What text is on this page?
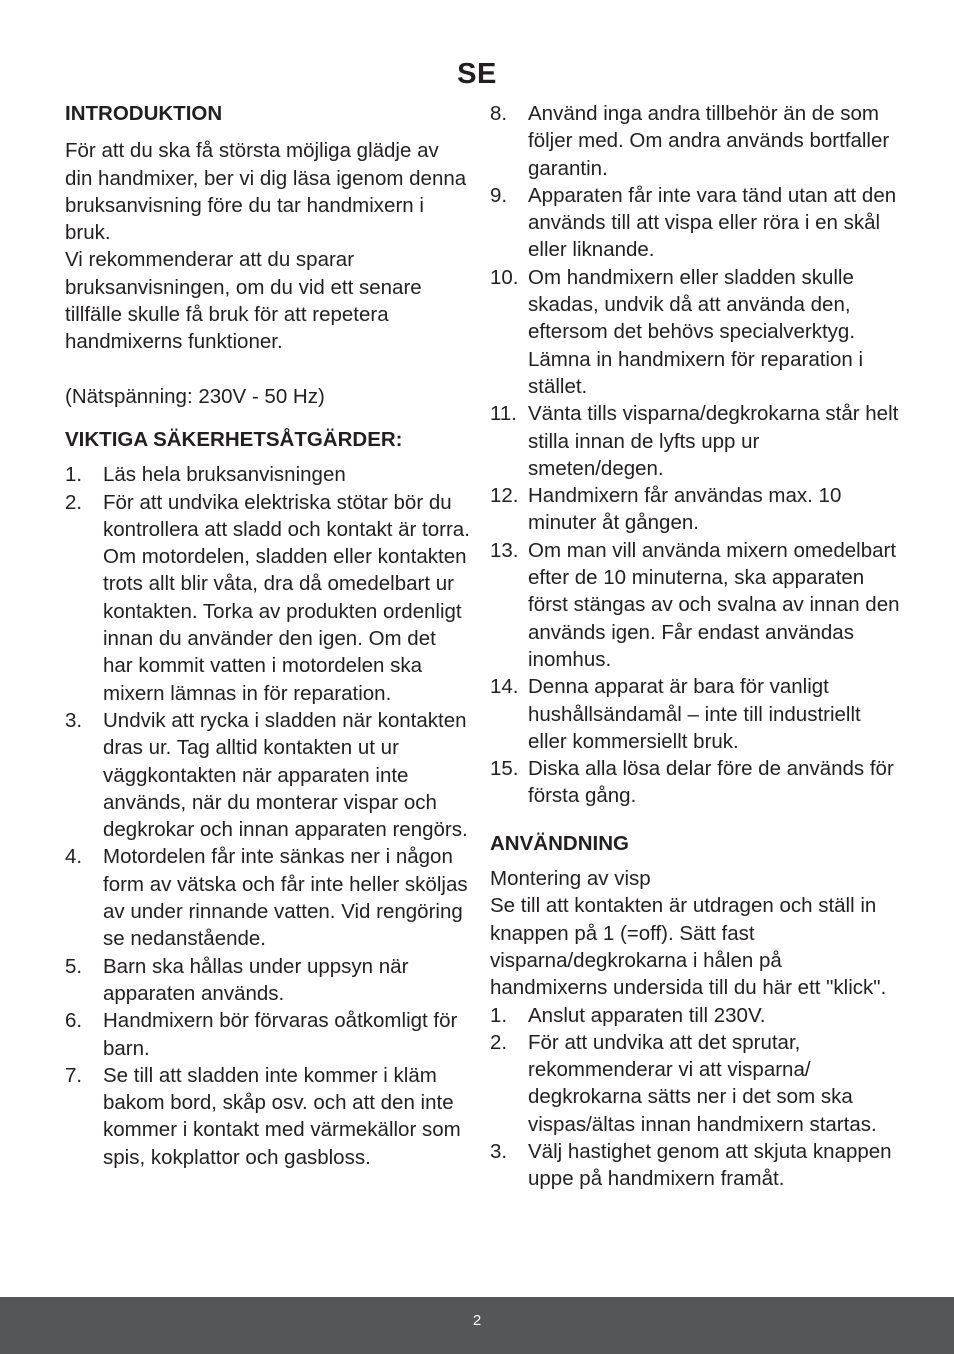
SE

INTRODUKTION

För att du ska få största möjliga glädje av din handmixer, ber vi dig läsa igenom denna bruksanvisning före du tar handmixern i bruk.

Vi rekommenderar att du sparar bruksanvisningen, om du vid ett senare tillfälle skulle få bruk för att repetera handmixerns funktioner.

(Nätspänning: 230V - 50 Hz)

VIKTIGA SÄKERHETSÅTGÄRDER:

1.	Läs hela bruksanvisningen
2.	För att undvika elektriska stötar bör du kontrollera att sladd och kontakt är torra. Om motordelen, sladden eller kontakten trots allt blir våta, dra då omedelbart ur kontakten. Torka av produkten ordenligt innan du använder den igen. Om det har kommit vatten i motordelen ska mixern lämnas in för reparation.
3.	Undvik att rycka i sladden när kontakten dras ur. Tag alltid kontakten ut ur väggkontakten när apparaten inte används, när du monterar vispar och degkrokar och innan apparaten rengörs.
4.	Motordelen får inte sänkas ner i någon form av vätska och får inte heller sköljas av under rinnande vatten. Vid rengöring se nedanstående.
5.	Barn ska hållas under uppsyn när apparaten används.
6.	Handmixern bör förvaras oåtkomligt för barn.
7.	Se till att sladden inte kommer i kläm bakom bord, skåp osv. och att den inte kommer i kontakt med värmekällor som spis, kokplattor och gasbloss.
8.	Använd inga andra tillbehör än de som följer med. Om andra används bortfaller garantin.
9.	Apparaten får inte vara tänd utan att den används till att vispa eller röra i en skål eller liknande.
10. Om handmixern eller sladden skulle skadas, undvik då att använda den, eftersom det behövs specialverktyg. Lämna in handmixern för reparation i stället.
11. Vänta tills visparna/degkrokarna står helt stilla innan de lyfts upp ur smeten/degen.
12. Handmixern får användas max. 10 minuter åt gången.
13. Om man vill använda mixern omedelbart efter de 10 minuterna, ska apparaten först stängas av och svalna av innan den används igen. Får endast användas inomhus.
14. Denna apparat är bara för vanligt hushållsändamål – inte till industriellt eller kommersiellt bruk.
15. Diska alla lösa delar före de används för första gång.

ANVÄNDNING

Montering av visp

Se till att kontakten är utdragen och ställ in knappen på 1 (=off). Sätt fast visparna/degkrokarna i hålen på handmixerns undersida till du här ett "klick".

1.	Anslut apparaten till 230V.
2.	För att undvika att det sprutar, rekommenderar vi att visparna/ degkrokarna sätts ner i det som ska vispas/ältas innan handmixern startas.
3.	Välj hastighet genom att skjuta knappen uppe på handmixern framåt.
2
